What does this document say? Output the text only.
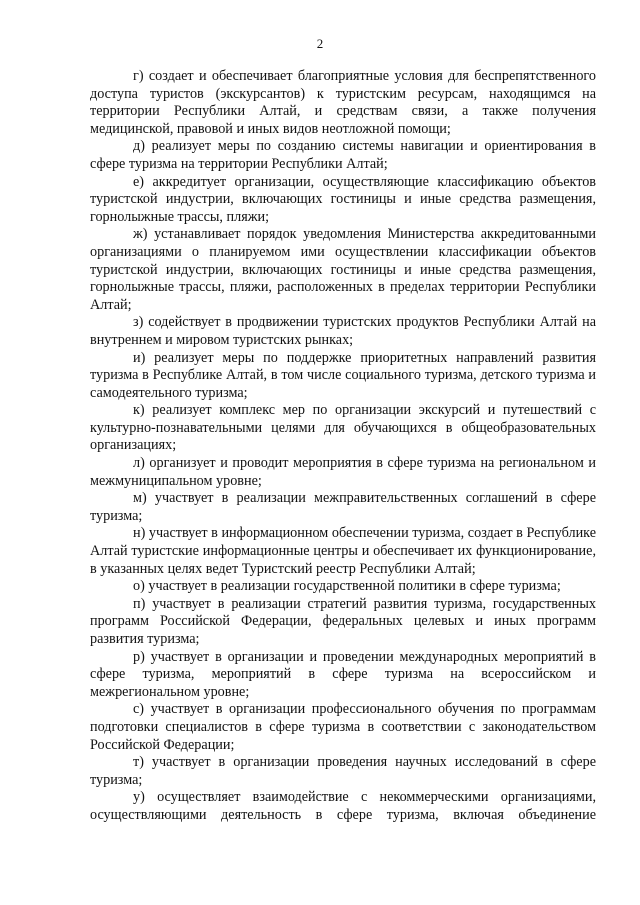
2

г) создает и обеспечивает благоприятные условия для беспрепятственного доступа туристов (экскурсантов) к туристским ресурсам, находящимся на территории Республики Алтай, и средствам связи, а также получения медицинской, правовой и иных видов неотложной помощи;

д) реализует меры по созданию системы навигации и ориентирования в сфере туризма на территории Республики Алтай;

е) аккредитует организации, осуществляющие классификацию объектов туристской индустрии, включающих гостиницы и иные средства размещения, горнолыжные трассы, пляжи;

ж) устанавливает порядок уведомления Министерства аккредитованными организациями о планируемом ими осуществлении классификации объектов туристской индустрии, включающих гостиницы и иные средства размещения, горнолыжные трассы, пляжи, расположенных в пределах территории Республики Алтай;

з) содействует в продвижении туристских продуктов Республики Алтай на внутреннем и мировом туристских рынках;

и) реализует меры по поддержке приоритетных направлений развития туризма в Республике Алтай, в том числе социального туризма, детского туризма и самодеятельного туризма;

к) реализует комплекс мер по организации экскурсий и путешествий с культурно-познавательными целями для обучающихся в общеобразовательных организациях;

л) организует и проводит мероприятия в сфере туризма на региональном и межмуниципальном уровне;

м) участвует в реализации межправительственных соглашений в сфере туризма;

н) участвует в информационном обеспечении туризма, создает в Республике Алтай туристские информационные центры и обеспечивает их функционирование, в указанных целях ведет Туристский реестр Республики Алтай;

о) участвует в реализации государственной политики в сфере туризма;

п) участвует в реализации стратегий развития туризма, государственных программ Российской Федерации, федеральных целевых и иных программ развития туризма;

р) участвует в организации и проведении международных мероприятий в сфере туризма, мероприятий в сфере туризма на всероссийском и межрегиональном уровне;

с) участвует в организации профессионального обучения по программам подготовки специалистов в сфере туризма в соответствии с законодательством Российской Федерации;

т) участвует в организации проведения научных исследований в сфере туризма;

у) осуществляет взаимодействие с некоммерческими организациями, осуществляющими деятельность в сфере туризма, включая объединение
